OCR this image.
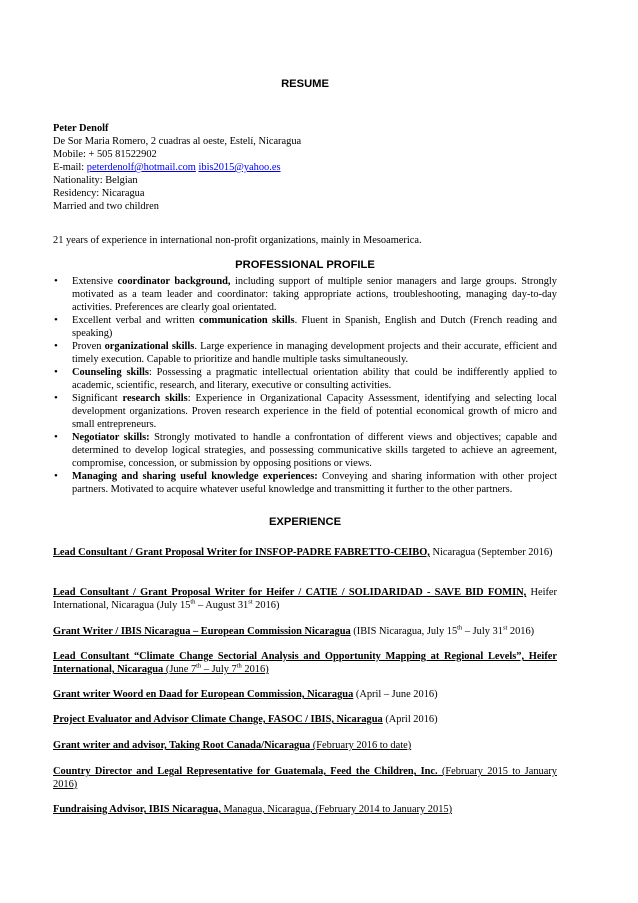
RESUME
Peter Denolf
De Sor Maria Romero, 2 cuadras al oeste, Estelí, Nicaragua
Mobile: + 505 81522902
E-mail: peterdenolf@hotmail.com ibis2015@yahoo.es
Nationality: Belgian
Residency: Nicaragua
Married and two children
21 years of experience in international non-profit organizations, mainly in Mesoamerica.
PROFESSIONAL PROFILE
• Extensive coordinator background, including support of multiple senior managers and large groups. Strongly motivated as a team leader and coordinator: taking appropriate actions, troubleshooting, managing day-to-day activities. Preferences are clearly goal orientated.
• Excellent verbal and written communication skills. Fluent in Spanish, English and Dutch (French reading and speaking)
• Proven organizational skills. Large experience in managing development projects and their accurate, efficient and timely execution. Capable to prioritize and handle multiple tasks simultaneously.
• Counseling skills: Possessing a pragmatic intellectual orientation ability that could be indifferently applied to academic, scientific, research, and literary, executive or consulting activities.
• Significant research skills: Experience in Organizational Capacity Assessment, identifying and selecting local development organizations. Proven research experience in the field of potential economical growth of micro and small entrepreneurs.
• Negotiator skills: Strongly motivated to handle a confrontation of different views and objectives; capable and determined to develop logical strategies, and possessing communicative skills targeted to achieve an agreement, compromise, concession, or submission by opposing positions or views.
• Managing and sharing useful knowledge experiences: Conveying and sharing information with other project partners. Motivated to acquire whatever useful knowledge and transmitting it further to the other partners.
EXPERIENCE
Lead Consultant / Grant Proposal Writer for INSFOP-PADRE FABRETTO-CEIBO, Nicaragua (September 2016)
Lead Consultant / Grant Proposal Writer for Heifer / CATIE / SOLIDARIDAD - SAVE BID FOMIN, Heifer International, Nicaragua (July 15th – August 31st 2016)
Grant Writer / IBIS Nicaragua – European Commission Nicaragua (IBIS Nicaragua, July 15th – July 31st 2016)
Lead Consultant “Climate Change Sectorial Analysis and Opportunity Mapping at Regional Levels”, Heifer International, Nicaragua (June 7th – July 7th 2016)
Grant writer Woord en Daad for European Commission, Nicaragua (April – June 2016)
Project Evaluator and Advisor Climate Change, FASOC / IBIS, Nicaragua (April 2016)
Grant writer and advisor, Taking Root Canada/Nicaragua (February 2016 to date)
Country Director and Legal Representative for Guatemala, Feed the Children, Inc. (February 2015 to January 2016)
Fundraising Advisor, IBIS Nicaragua, Managua, Nicaragua, (February 2014 to January 2015)
